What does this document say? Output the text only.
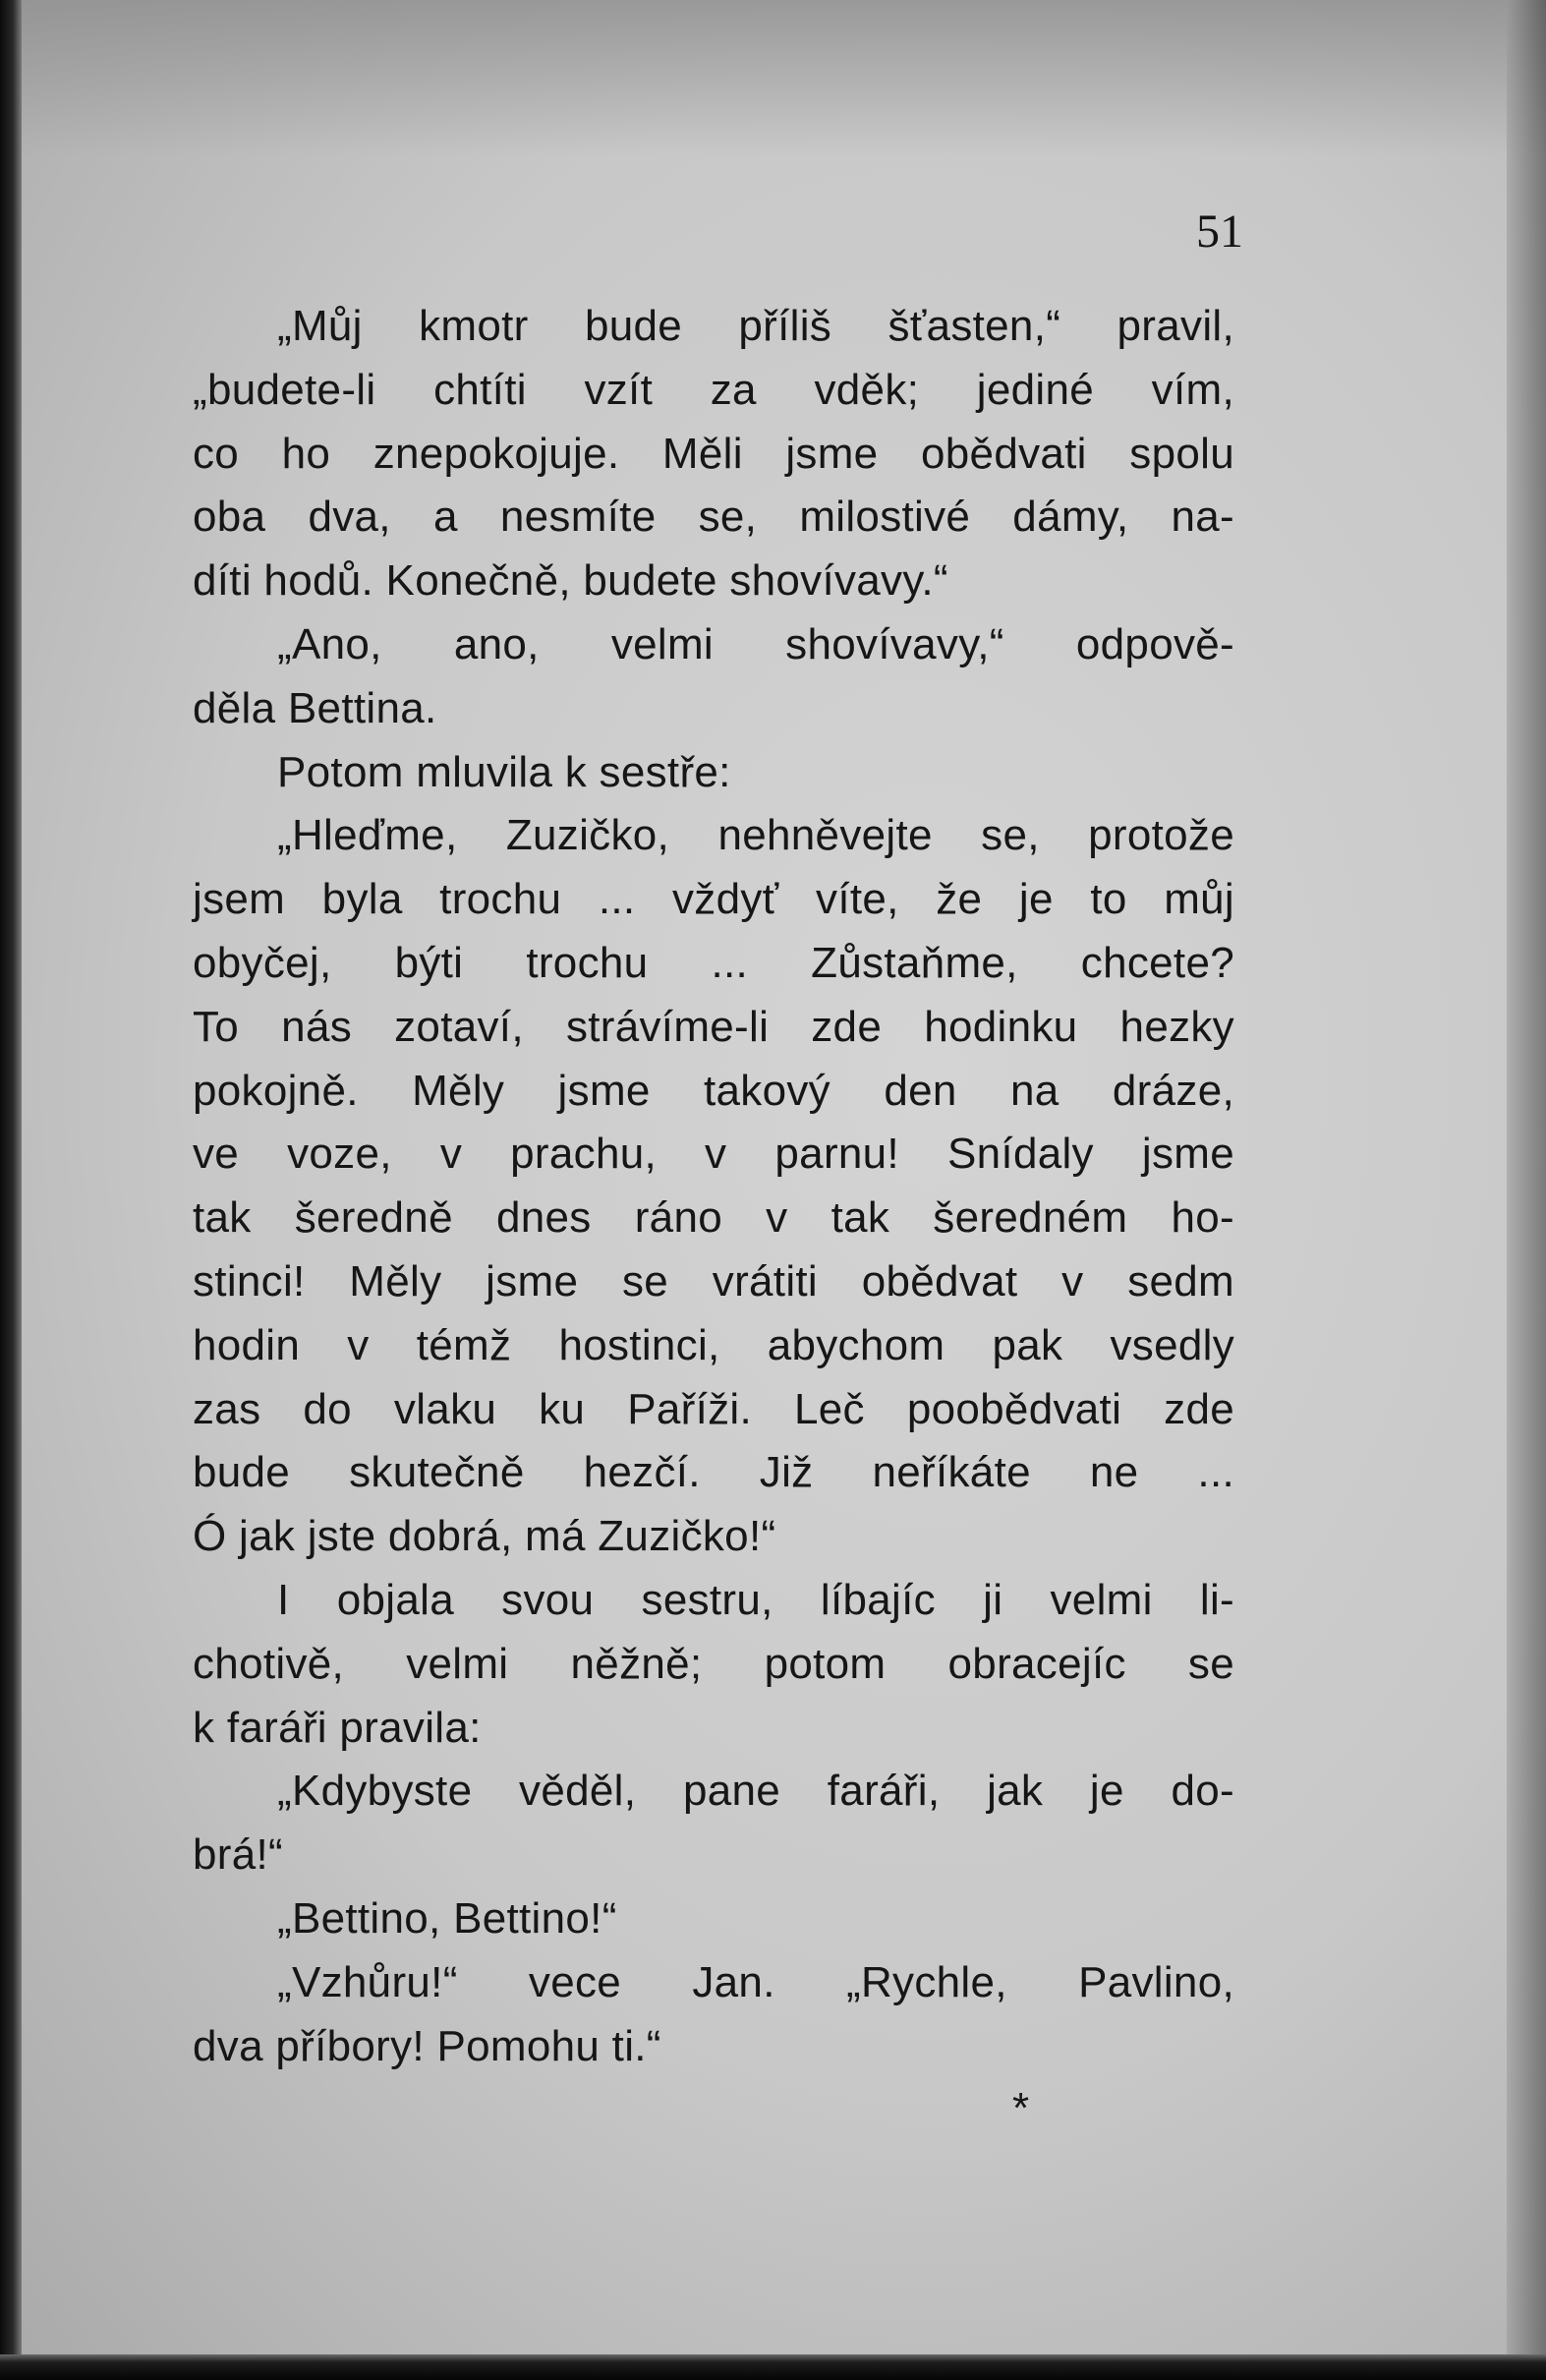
51
„Můj kmotr bude příliš šťasten,“ pravil,
„budete-li chtíti vzít za vděk; jediné vím,
co ho znepokojuje. Měli jsme obědvati spolu
oba dva, a nesmíte se, milostivé dámy, na-
díti hodů. Konečně, budete shovívavy.“
„Ano, ano, velmi shovívavy,“ odpově-
děla Bettina.
Potom mluvila k sestře:
„Hleďme, Zuzičko, nehněvejte se, protože
jsem byla trochu ... vždyť víte, že je to můj
obyčej, býti trochu ... Zůstaňme, chcete?
To nás zotaví, strávíme-li zde hodinku hezky
pokojně. Měly jsme takový den na dráze,
ve voze, v prachu, v parnu! Snídaly jsme
tak šeredně dnes ráno v tak šeredném ho-
stinci! Měly jsme se vrátiti obědvat v sedm
hodin v témž hostinci, abychom pak vsedly
zas do vlaku ku Paříži. Leč poobědvati zde
bude skutečně hezčí. Již neříkáte ne ...
Ó jak jste dobrá, má Zuzičko!“
I objala svou sestru, líbajíc ji velmi li-
chotivě, velmi něžně; potom obracejíc se
k faráři pravila:
„Kdybyste věděl, pane faráři, jak je do-
brá!“
„Bettino, Bettino!“
„Vzhůru!“ vece Jan. „Rychle, Pavlino,
dva příbory! Pomohu ti.“
*
